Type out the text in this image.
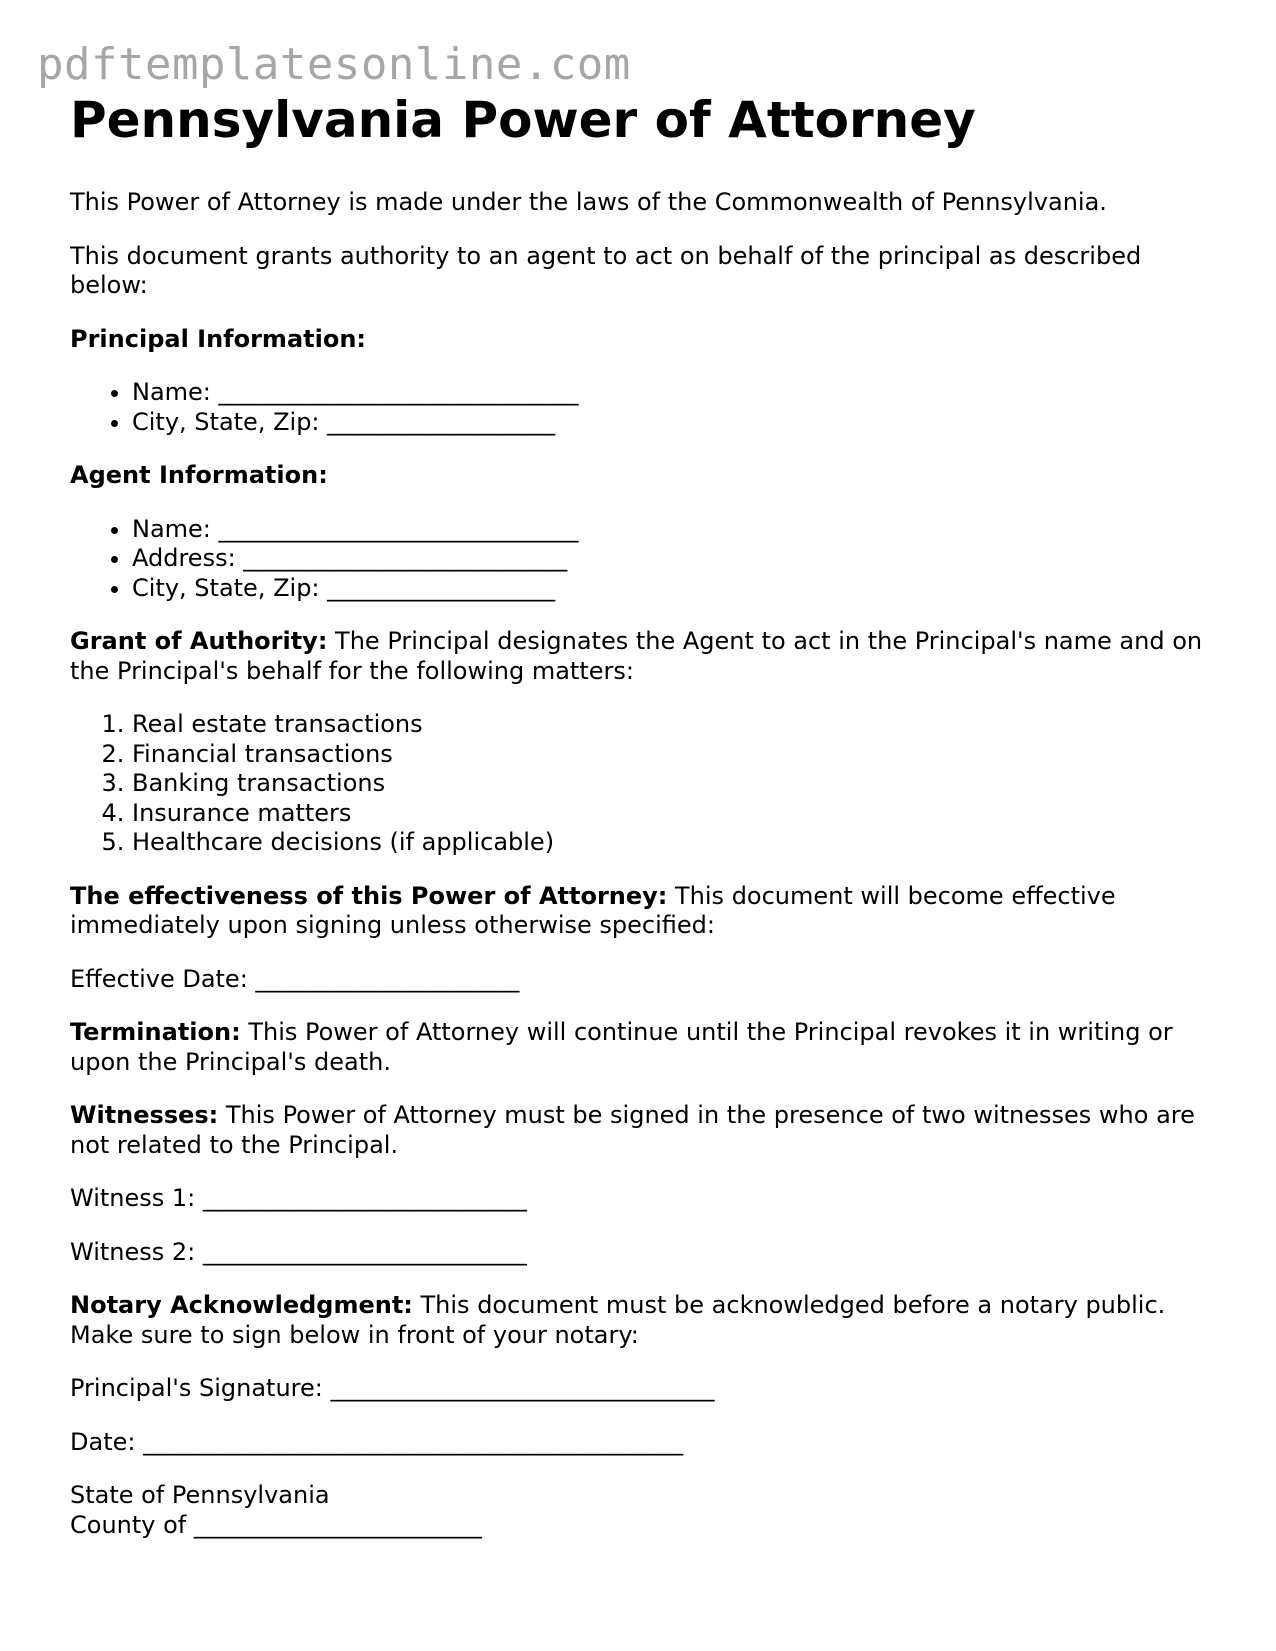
pdftemplatesonline.com
Pennsylvania Power of Attorney

This Power of Attorney is made under the laws of the Commonwealth of Pennsylvania.

This document grants authority to an agent to act on behalf of the principal as described below:

Principal Information:

• Name: ______________________________
• City, State, Zip: ___________________

Agent Information:

• Name: ______________________________
• Address: ___________________________
• City, State, Zip: ___________________

Grant of Authority: The Principal designates the Agent to act in the Principal's name and on the Principal's behalf for the following matters:

1. Real estate transactions
2. Financial transactions
3. Banking transactions
4. Insurance matters
5. Healthcare decisions (if applicable)

The effectiveness of this Power of Attorney: This document will become effective immediately upon signing unless otherwise specified:

Effective Date: ______________________

Termination: This Power of Attorney will continue until the Principal revokes it in writing or upon the Principal's death.

Witnesses: This Power of Attorney must be signed in the presence of two witnesses who are not related to the Principal.

Witness 1: ___________________________

Witness 2: ___________________________

Notary Acknowledgment: This document must be acknowledged before a notary public. Make sure to sign below in front of your notary:

Principal's Signature: ________________________________

Date: _____________________________________________

State of Pennsylvania

County of ________________________
